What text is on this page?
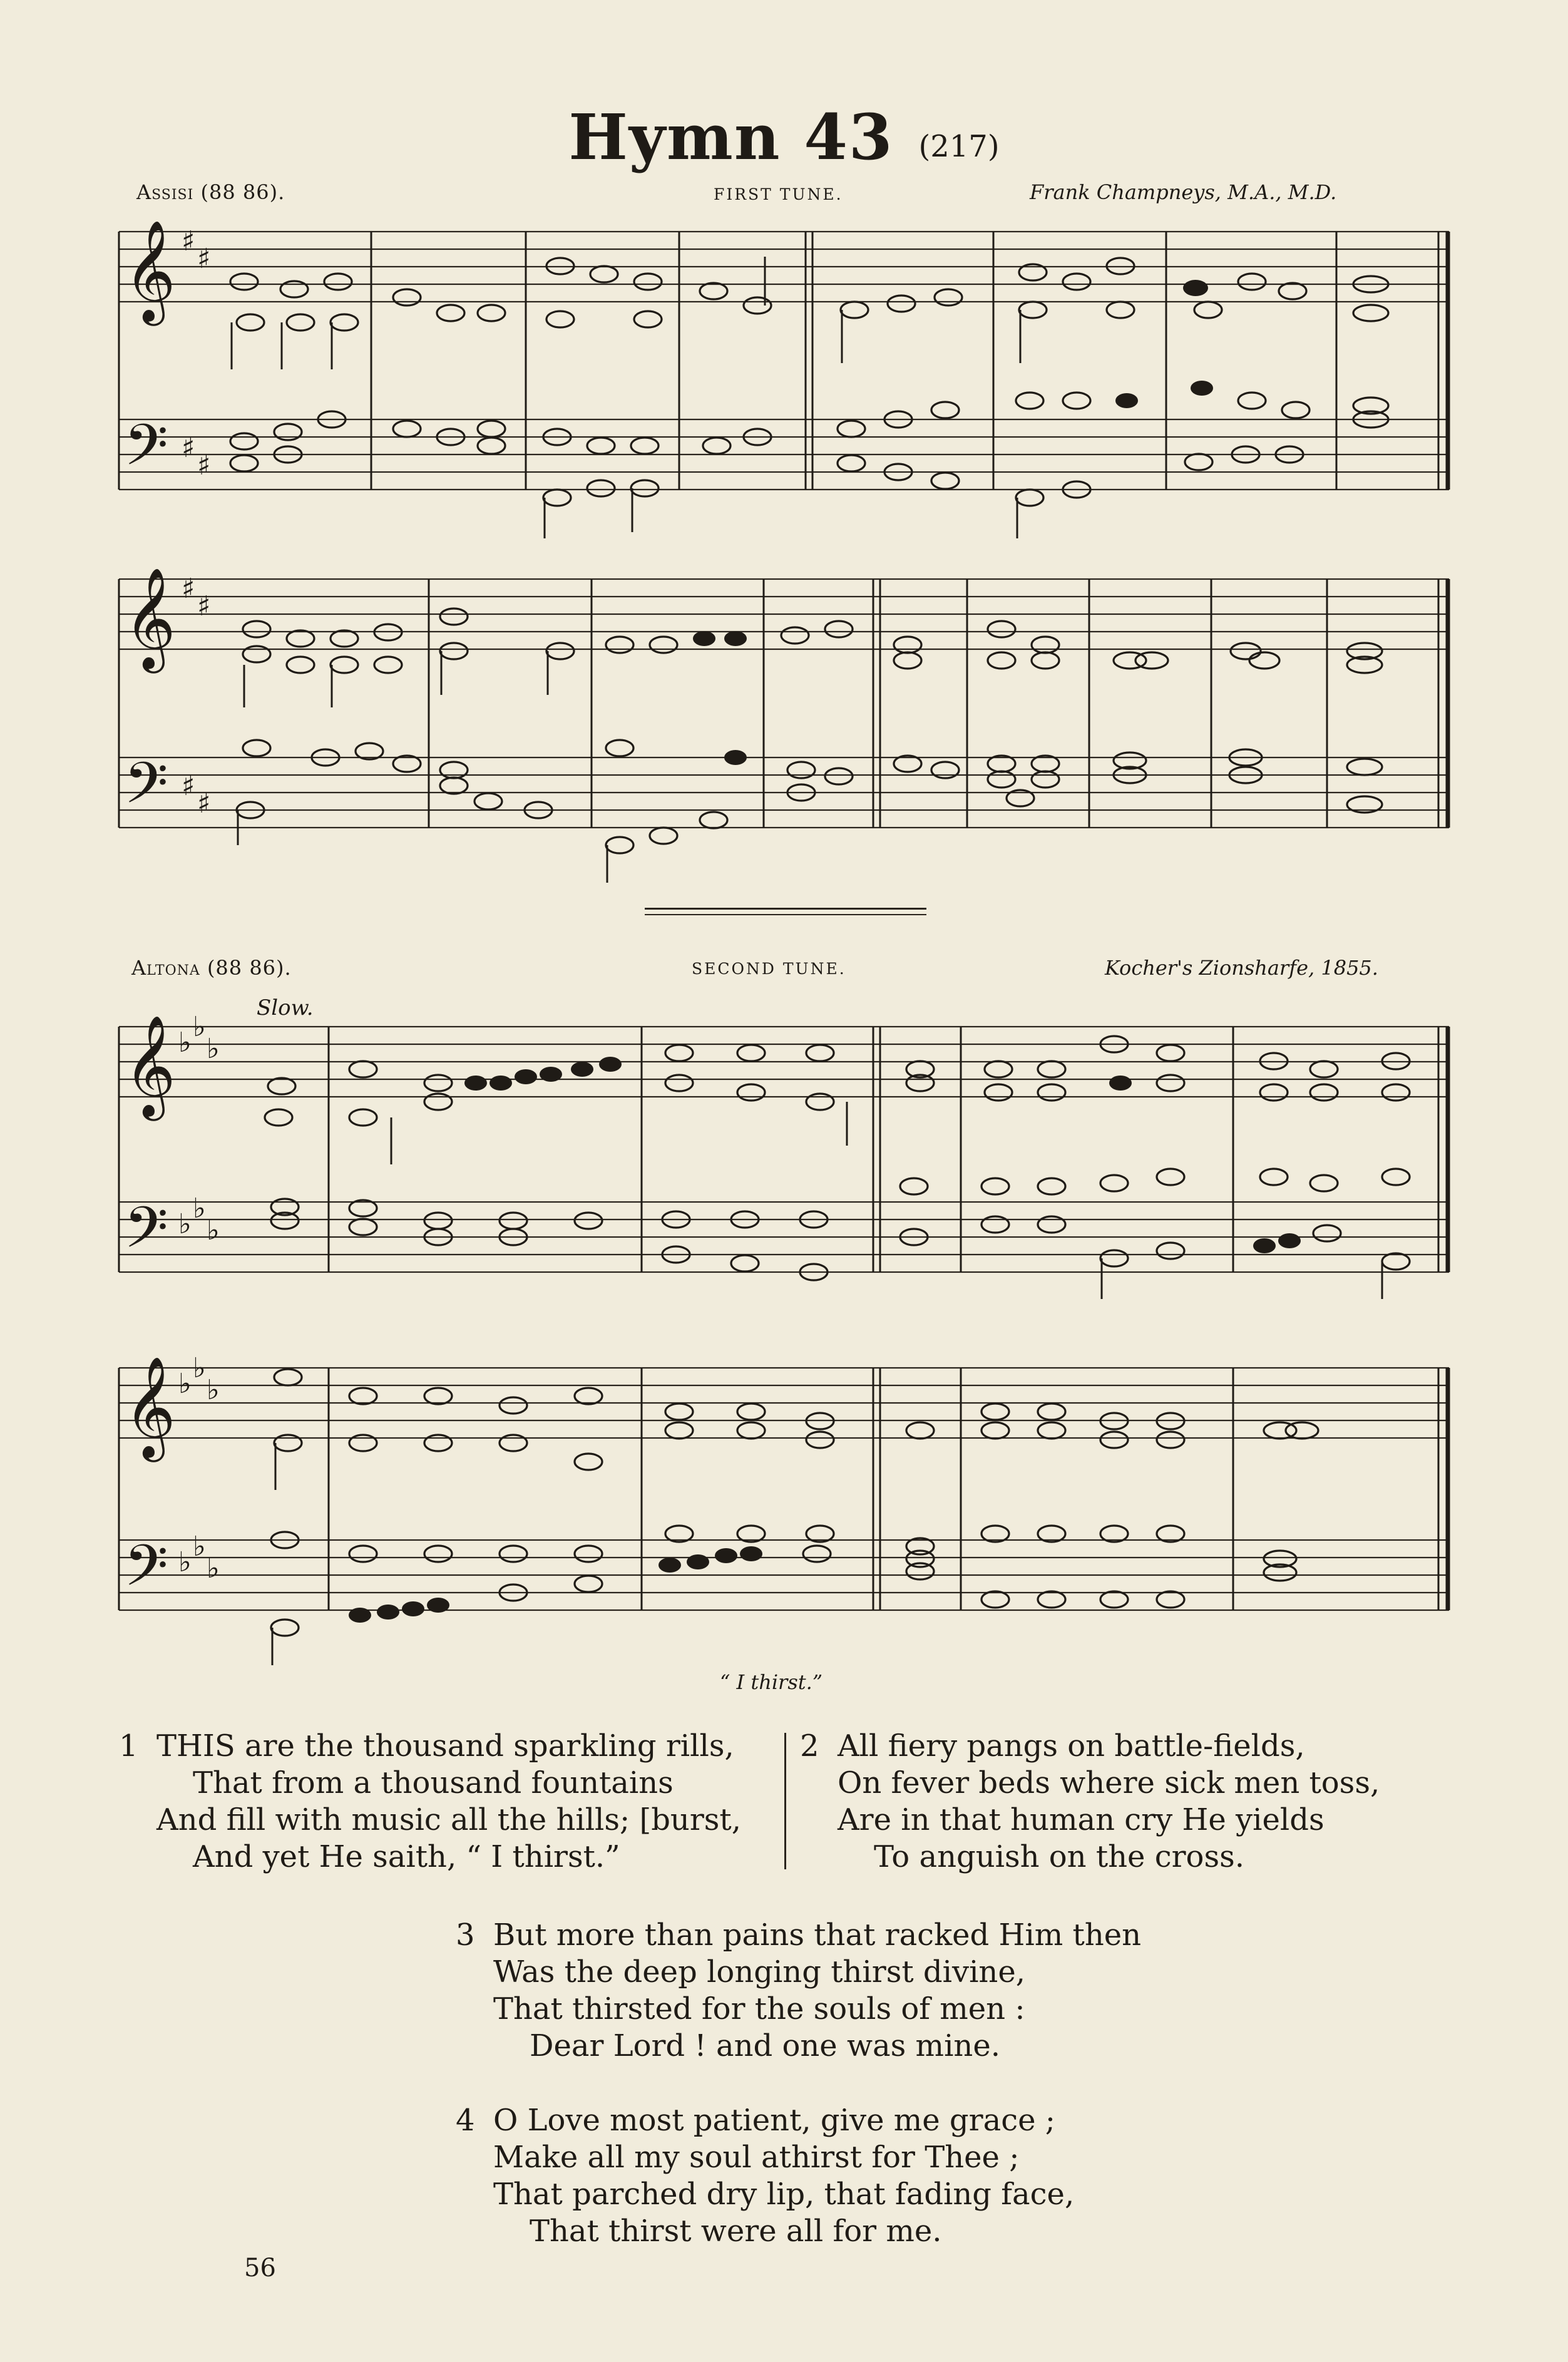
Hymn 43 (217)
Assisi (88 86).	FIRST TUNE.	Frank Champneys, M.A., M.D.
𝄞
𝄢
♯
♯
♯
♯
𝄞
𝄢
♯
♯
♯
♯
Altona (88 86).	SECOND TUNE.	Kocher's Zionsharfe, 1855.
Slow.
𝄞
𝄢
♭ ♭
♭
♭ ♭
♭
𝄞
𝄢
♭ ♭
♭
♭ ♭
♭
“ I thirst.”
1 THIS are the thousand sparkling rills,
That from a thousand fountains
And fill with music all the hills; [burst,
And yet He saith, “ I thirst.”
2 All fiery pangs on battle-fields,
On fever beds where sick men toss,
Are in that human cry He yields
To anguish on the cross.
3 But more than pains that racked Him then
Was the deep longing thirst divine,
That thirsted for the souls of men :
Dear Lord ! and one was mine.
4 O Love most patient, give me grace ;
Make all my soul athirst for Thee ;
That parched dry lip, that fading face,
That thirst were all for me.
56
